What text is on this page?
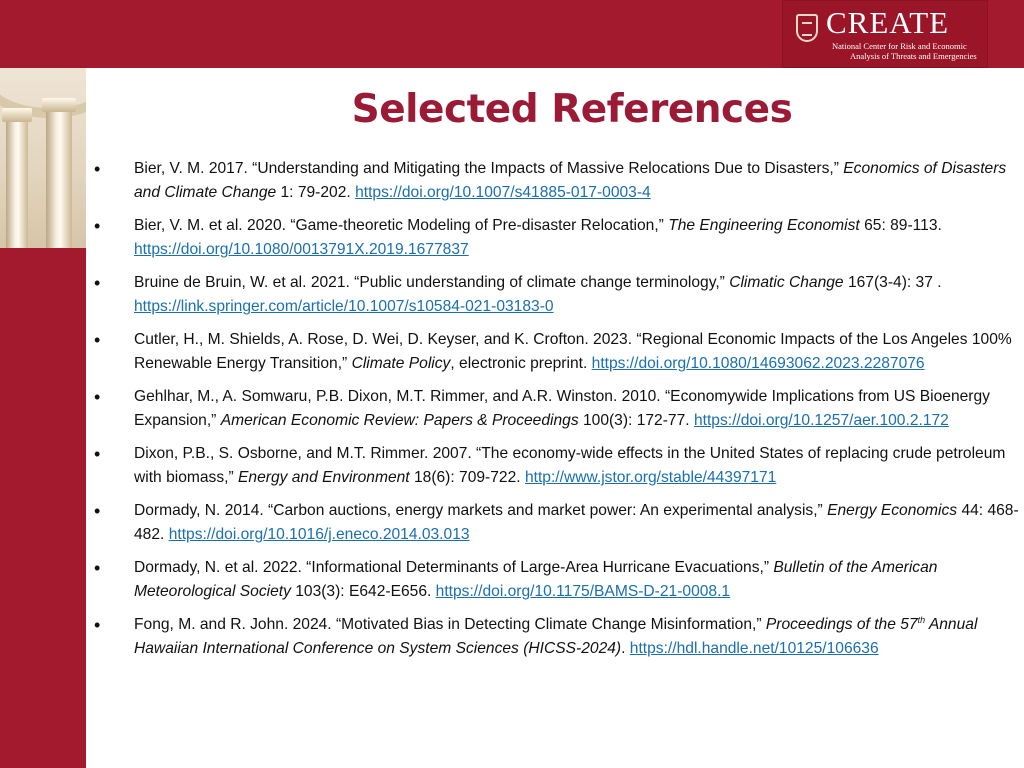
CREATE
National Center for Risk and Economic
Analysis of Threats and Emergencies
Selected References
• Bier, V. M. 2017. “Understanding and Mitigating the Impacts of Massive Relocations Due to Disasters,” Economics of Disasters and Climate Change 1: 79-202. https://doi.org/10.1007/s41885-017-0003-4
• Bier, V. M. et al. 2020. “Game-theoretic Modeling of Pre-disaster Relocation,” The Engineering Economist 65: 89-113. https://doi.org/10.1080/0013791X.2019.1677837
• Bruine de Bruin, W. et al. 2021. “Public understanding of climate change terminology,” Climatic Change 167(3-4): 37 . https://link.springer.com/article/10.1007/s10584-021-03183-0
• Cutler, H., M. Shields, A. Rose, D. Wei, D. Keyser, and K. Crofton. 2023. “Regional Economic Impacts of the Los Angeles 100% Renewable Energy Transition,” Climate Policy, electronic preprint. https://doi.org/10.1080/14693062.2023.2287076
• Gehlhar, M., A. Somwaru, P.B. Dixon, M.T. Rimmer, and A.R. Winston. 2010. “Economywide Implications from US Bioenergy Expansion,” American Economic Review: Papers & Proceedings 100(3): 172-77. https://doi.org/10.1257/aer.100.2.172
• Dixon, P.B., S. Osborne, and M.T. Rimmer. 2007. “The economy-wide effects in the United States of replacing crude petroleum with biomass,” Energy and Environment 18(6): 709-722. http://www.jstor.org/stable/44397171
• Dormady, N. 2014. “Carbon auctions, energy markets and market power: An experimental analysis,” Energy Economics 44: 468-482. https://doi.org/10.1016/j.eneco.2014.03.013
• Dormady, N. et al. 2022. “Informational Determinants of Large-Area Hurricane Evacuations,” Bulletin of the American Meteorological Society 103(3): E642-E656. https://doi.org/10.1175/BAMS-D-21-0008.1
• Fong, M. and R. John. 2024. “Motivated Bias in Detecting Climate Change Misinformation,” Proceedings of the 57th Annual Hawaiian International Conference on System Sciences (HICSS-2024). https://hdl.handle.net/10125/106636
